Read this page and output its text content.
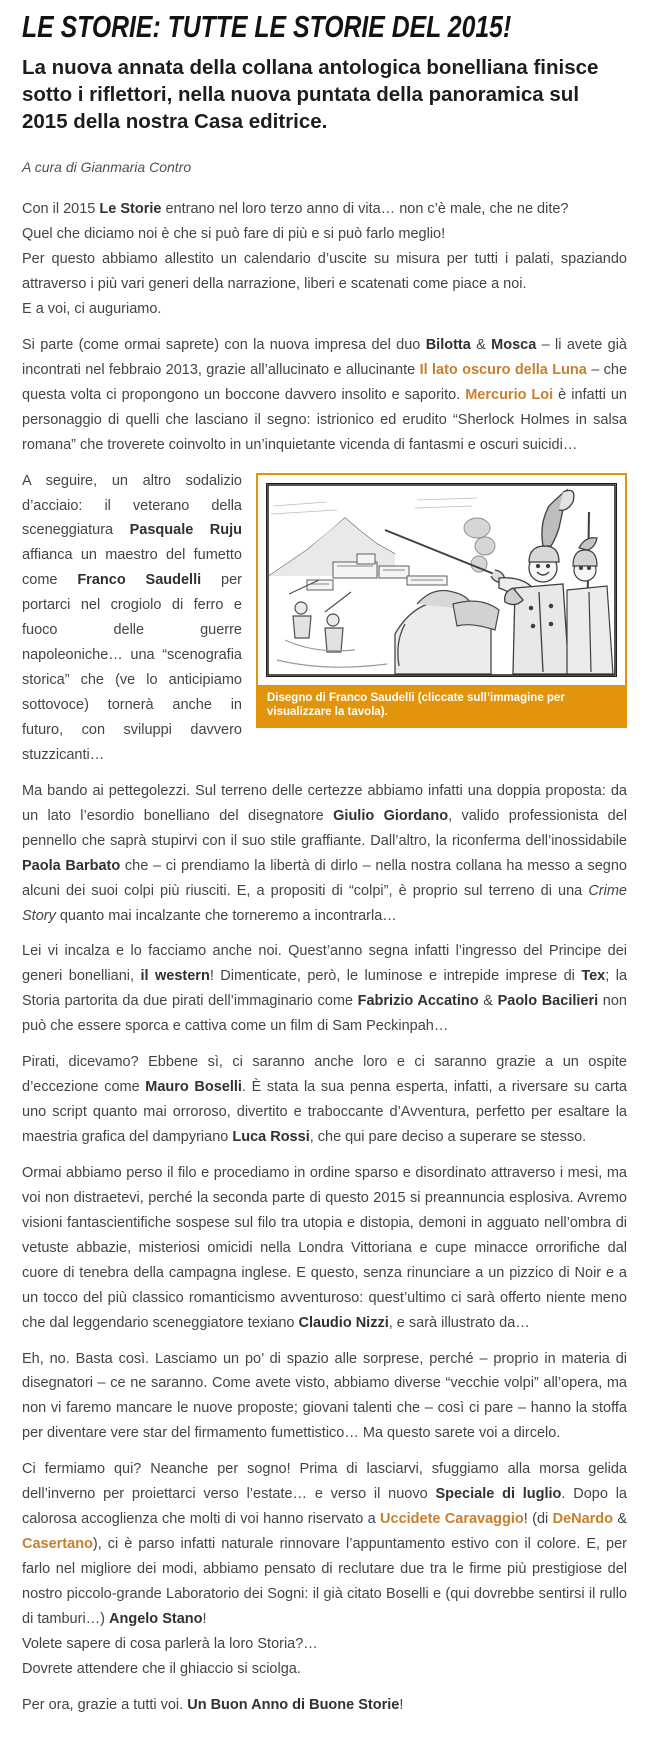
LE STORIE: TUTTE LE STORIE DEL 2015!
La nuova annata della collana antologica bonelliana finisce sotto i riflettori, nella nuova puntata della panoramica sul 2015 della nostra Casa editrice.

A cura di Gianmaria Contro

Con il 2015 Le Storie entrano nel loro terzo anno di vita… non c’è male, che ne dite?
Quel che diciamo noi è che si può fare di più e si può farlo meglio!
Per questo abbiamo allestito un calendario d’uscite su misura per tutti i palati, spaziando attraverso i più vari generi della narrazione, liberi e scatenati come piace a noi.
E a voi, ci auguriamo.

Si parte (come ormai saprete) con la nuova impresa del duo Bilotta & Mosca – li avete già incontrati nel febbraio 2013, grazie all’allucinato e allucinante Il lato oscuro della Luna – che questa volta ci propongono un boccone davvero insolito e saporito. Mercurio Loi è infatti un personaggio di quelli che lasciano il segno: istrionico ed erudito “Sherlock Holmes in salsa romana” che troverete coinvolto in un’inquietante vicenda di fantasmi e oscuri suicidi…

Disegno di Franco Saudelli (cliccate sull’immagine per visualizzare la tavola).

A seguire, un altro sodalizio d’acciaio: il veterano della sceneggiatura Pasquale Ruju affianca un maestro del fumetto come Franco Saudelli per portarci nel crogiolo di ferro e fuoco delle guerre napoleoniche… una “scenografia storica” che (ve lo anticipiamo sottovoce) tornerà anche in futuro, con sviluppi davvero stuzzicanti…

Ma bando ai pettegolezzi. Sul terreno delle certezze abbiamo infatti una doppia proposta: da un lato l’esordio bonelliano del disegnatore Giulio Giordano, valido professionista del pennello che saprà stupirvi con il suo stile graffiante. Dall’altro, la riconferma dell’inossidabile Paola Barbato che – ci prendiamo la libertà di dirlo – nella nostra collana ha messo a segno alcuni dei suoi colpi più riusciti. E, a propositi di “colpi”, è proprio sul terreno di una Crime Story quanto mai incalzante che torneremo a incontrarla…

Lei vi incalza e lo facciamo anche noi. Quest’anno segna infatti l’ingresso del Principe dei generi bonelliani, il western! Dimenticate, però, le luminose e intrepide imprese di Tex; la Storia partorita da due pirati dell’immaginario come Fabrizio Accatino & Paolo Bacilieri non può che essere sporca e cattiva come un film di Sam Peckinpah…

Pirati, dicevamo? Ebbene sì, ci saranno anche loro e ci saranno grazie a un ospite d’eccezione come Mauro Boselli. È stata la sua penna esperta, infatti, a riversare su carta uno script quanto mai orroroso, divertito e traboccante d’Avventura, perfetto per esaltare la maestria grafica del dampyriano Luca Rossi, che qui pare deciso a superare se stesso.

Ormai abbiamo perso il filo e procediamo in ordine sparso e disordinato attraverso i mesi, ma voi non distraetevi, perché la seconda parte di questo 2015 si preannuncia esplosiva. Avremo visioni fantascientifiche sospese sul filo tra utopia e distopia, demoni in agguato nell’ombra di vetuste abbazie, misteriosi omicidi nella Londra Vittoriana e cupe minacce orrorifiche dal cuore di tenebra della campagna inglese. E questo, senza rinunciare a un pizzico di Noir e a un tocco del più classico romanticismo avventuroso: quest’ultimo ci sarà offerto niente meno che dal leggendario sceneggiatore texiano Claudio Nizzi, e sarà illustrato da…

Eh, no. Basta così. Lasciamo un po’ di spazio alle sorprese, perché – proprio in materia di disegnatori – ce ne saranno. Come avete visto, abbiamo diverse “vecchie volpi” all’opera, ma non vi faremo mancare le nuove proposte; giovani talenti che – così ci pare – hanno la stoffa per diventare vere star del firmamento fumettistico… Ma questo sarete voi a dircelo.

Ci fermiamo qui? Neanche per sogno! Prima di lasciarvi, sfuggiamo alla morsa gelida dell’inverno per proiettarci verso l’estate… e verso il nuovo Speciale di luglio. Dopo la calorosa accoglienza che molti di voi hanno riservato a Uccidete Caravaggio! (di DeNardo & Casertano), ci è parso infatti naturale rinnovare l’appuntamento estivo con il colore. E, per farlo nel migliore dei modi, abbiamo pensato di reclutare due tra le firme più prestigiose del nostro piccolo-grande Laboratorio dei Sogni: il già citato Boselli e (qui dovrebbe sentirsi il rullo di tamburi…) Angelo Stano!
Volete sapere di cosa parlerà la loro Storia?…
Dovrete attendere che il ghiaccio si sciolga.

Per ora, grazie a tutti voi. Un Buon Anno di Buone Storie!
